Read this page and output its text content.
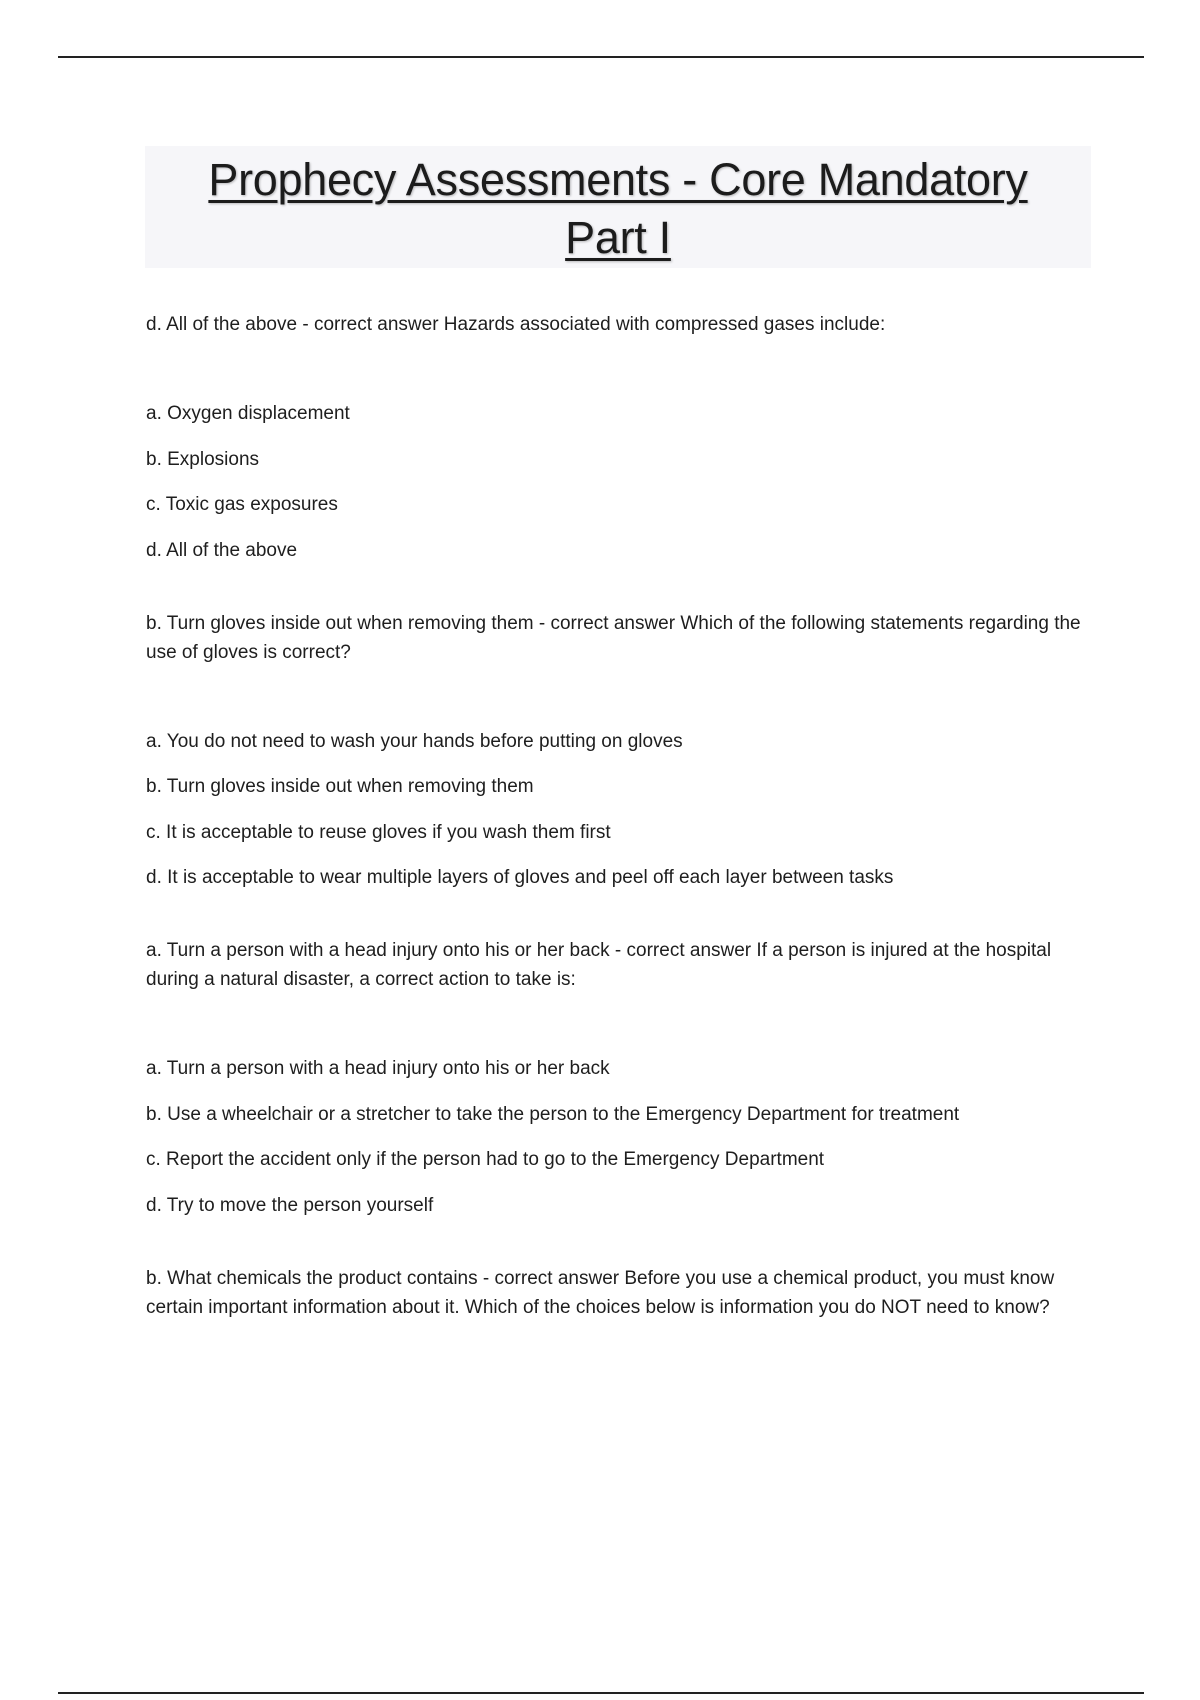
Prophecy Assessments - Core Mandatory
Part I

d. All of the above - correct answer Hazards associated with compressed gases include:

a. Oxygen displacement
b. Explosions
c. Toxic gas exposures
d. All of the above

b. Turn gloves inside out when removing them - correct answer Which of the following statements regarding the use of gloves is correct?

a. You do not need to wash your hands before putting on gloves
b. Turn gloves inside out when removing them
c. It is acceptable to reuse gloves if you wash them first
d. It is acceptable to wear multiple layers of gloves and peel off each layer between tasks

a. Turn a person with a head injury onto his or her back - correct answer If a person is injured at the hospital during a natural disaster, a correct action to take is:

a. Turn a person with a head injury onto his or her back
b. Use a wheelchair or a stretcher to take the person to the Emergency Department for treatment
c. Report the accident only if the person had to go to the Emergency Department
d. Try to move the person yourself

b. What chemicals the product contains - correct answer Before you use a chemical product, you must know certain important information about it. Which of the choices below is information you do NOT need to know?
